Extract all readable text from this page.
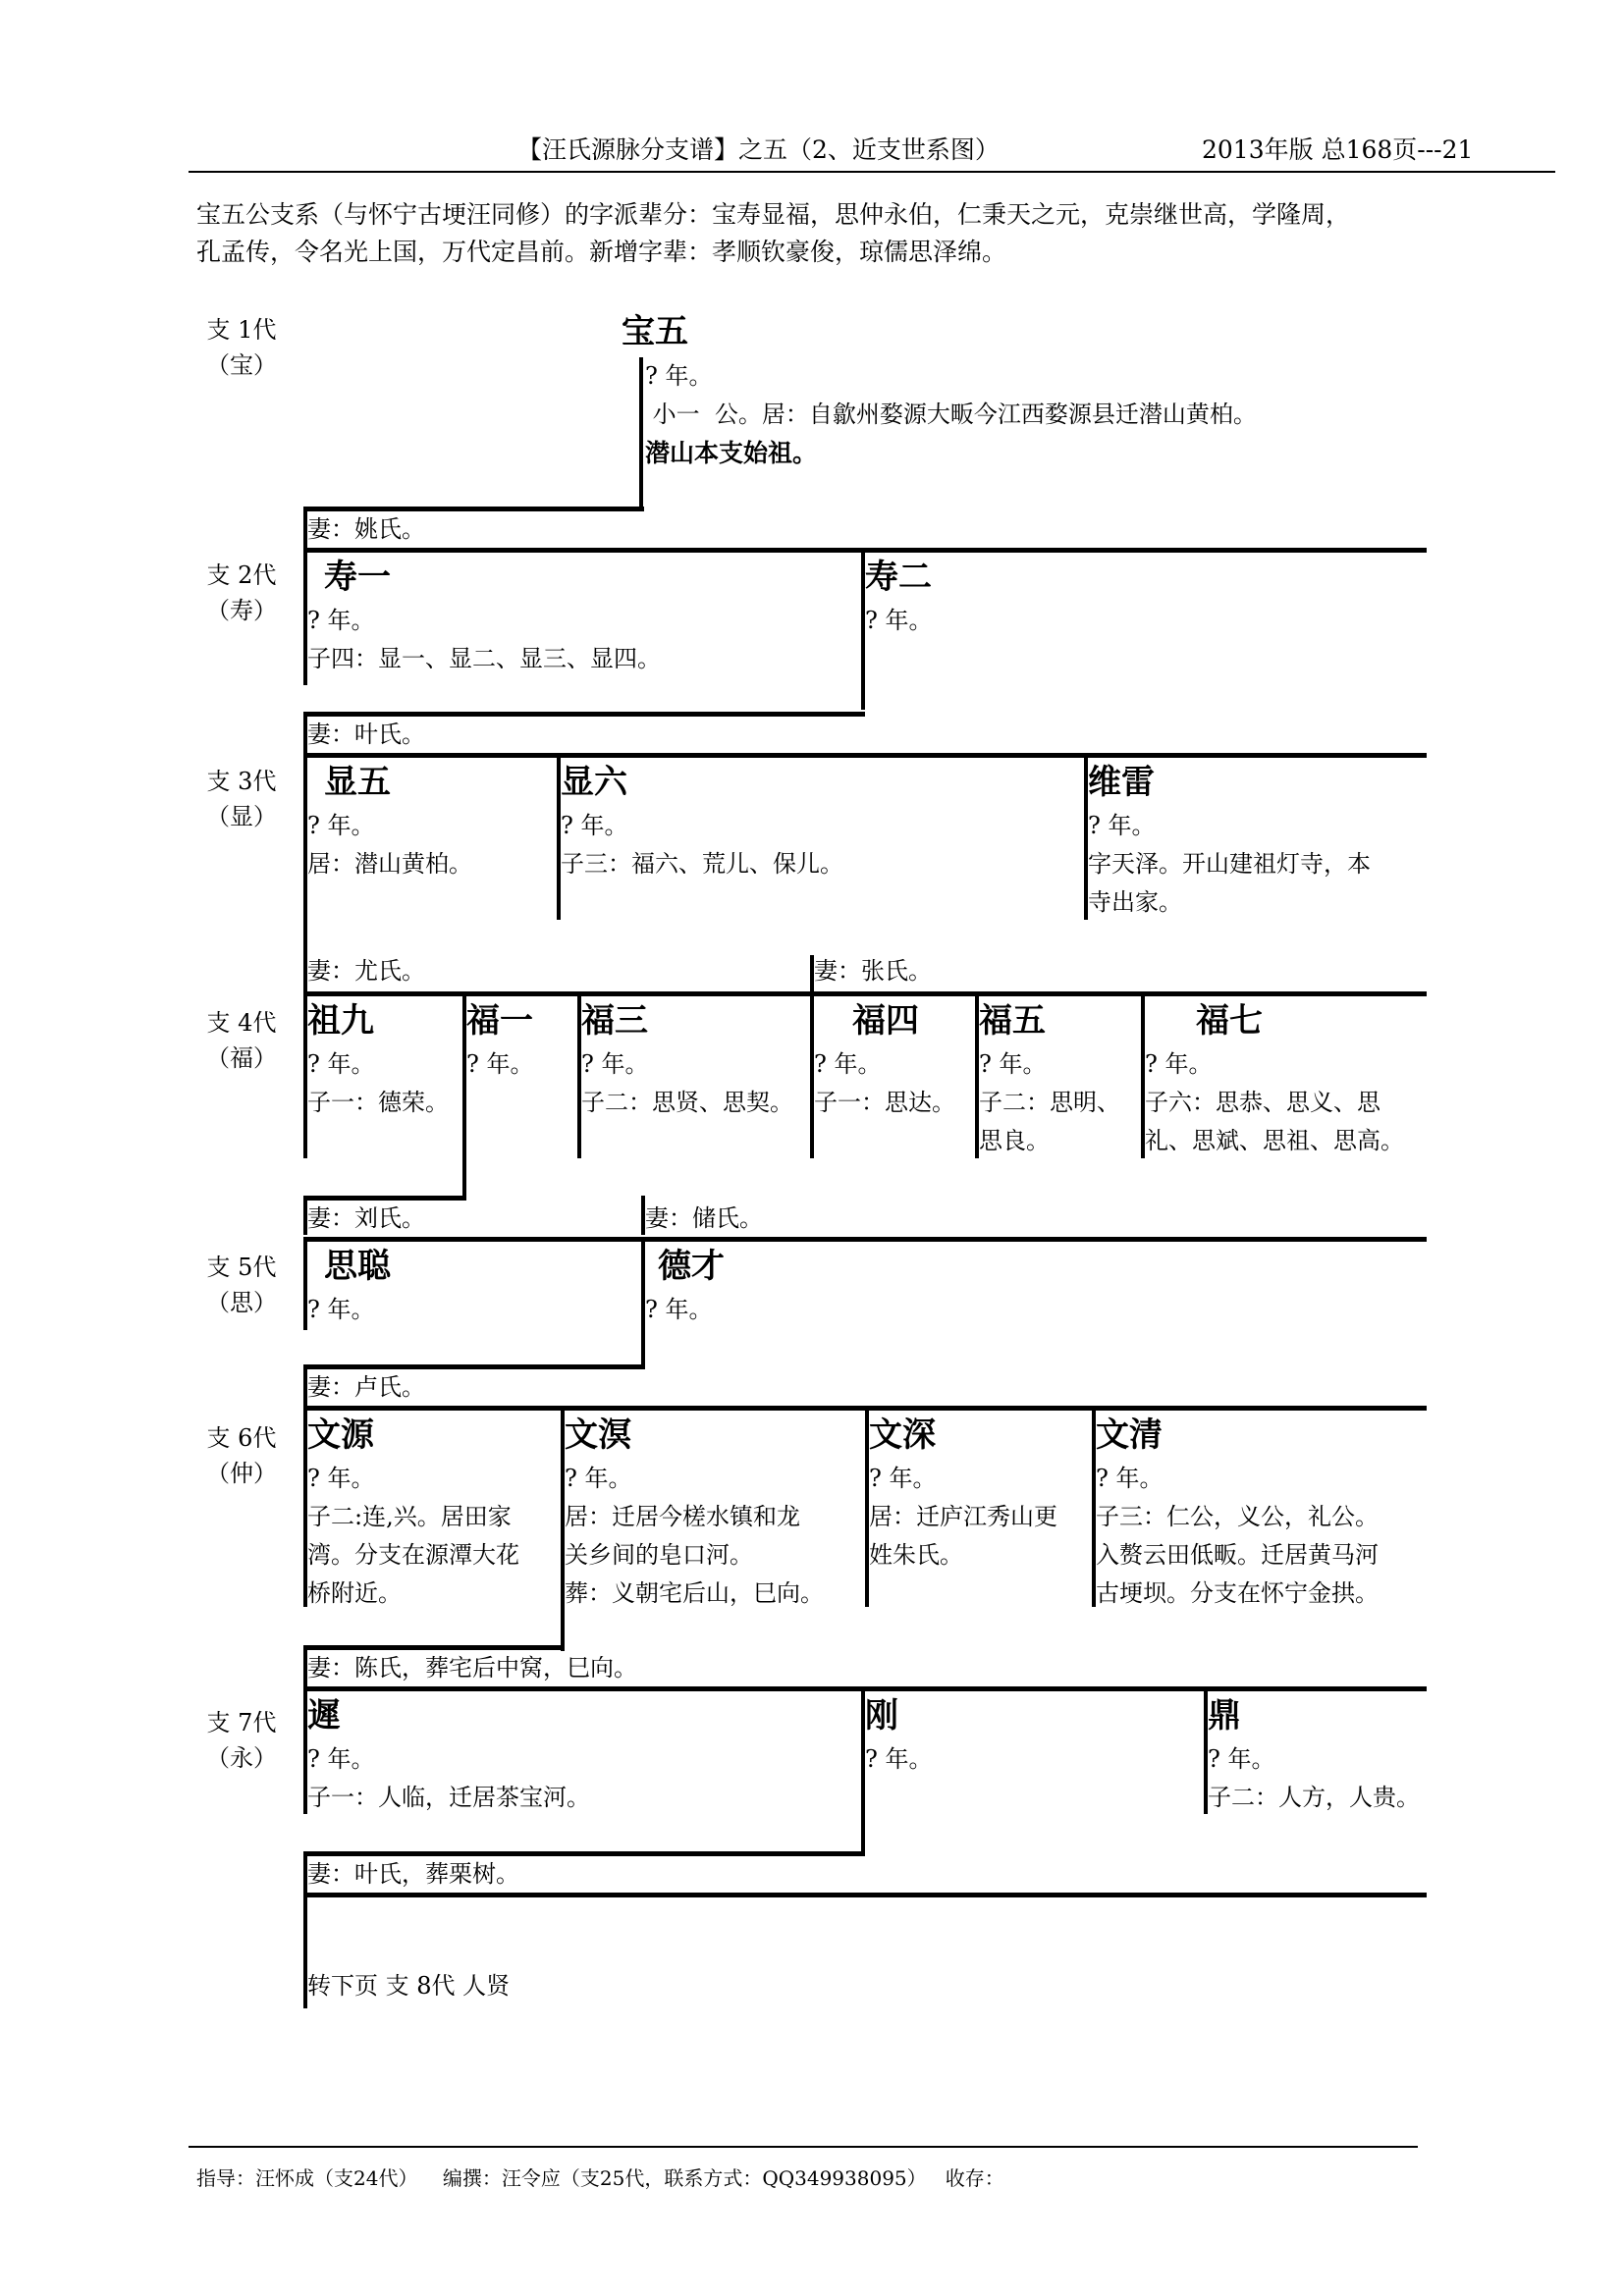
【汪氏源脉分支谱】之五（2、近支世系图）	2013年版 总168页---21
宝五公支系（与怀宁古埂汪同修）的字派辈分：宝寿显福，思仲永伯，仁秉天之元，克崇继世高，学隆周，
孔孟传，令名光上国，万代定昌前。新增字辈：孝顺钦豪俊，琼儒思泽绵。
支 1代
（宝）
支 2代
（寿）
支 3代
（显）
支 4代
（福）
支 5代
（思）
支 6代
（仲）
支 7代
（永）
宝五
? 年。
小一  公。居：自歙州婺源大畈今江西婺源县迁潜山黄柏。
潜山本支始祖。
妻：姚氏。
寿一
? 年。
子四：显一、显二、显三、显四。
寿二
? 年。
妻：叶氏。
显五
? 年。
居：潜山黄柏。
显六
? 年。
子三：福六、荒儿、保儿。
维雷
? 年。
字天泽。开山建祖灯寺，本
寺出家。
妻：尤氏。	妻：张氏。
祖九
? 年。
子一：德荣。
福一
? 年。
福三
? 年。
子二：思贤、思契。
福四
? 年。
子一：思达。
福五
? 年。
子二：思明、
思良。
福七
? 年。
子六：思恭、思义、思
礼、思斌、思祖、思高。
妻：刘氏。	妻：储氏。
思聪
? 年。
德才
? 年。
妻：卢氏。
文源
? 年。
子二:连,兴。居田家
湾。分支在源潭大花
桥附近。
文溟
? 年。
居：迁居今槎水镇和龙
关乡间的皂口河。
葬：义朝宅后山，巳向。
文深
? 年。
居：迁庐江秀山更
姓朱氏。
文清
? 年。
子三：仁公，义公，礼公。
入赘云田低畈。迁居黄马河
古埂坝。分支在怀宁金拱。
妻：陈氏，葬宅后中窝，巳向。
遲
? 年。
子一：人临，迁居茶宝河。
刚
? 年。
鼎
? 年。
子二：人方，人贵。
妻：叶氏，葬栗树。
转下页 支 8代 人贤
指导：汪怀成（支24代）    编撰：汪令应（支25代，联系方式：QQ349938095）   收存：
